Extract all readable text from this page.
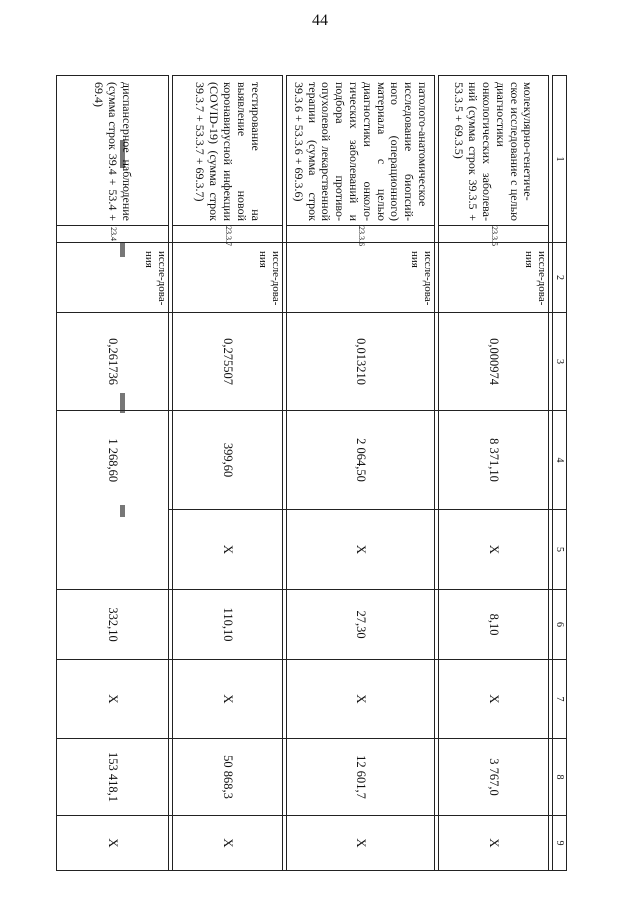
44
1		2	3	4	5	6	7	8	9

молекулярно-генетиче-ское исследование с целью диагностики онкологических заболева-ний (сумма строк 39.3.5 + 53.3.5 + 69.3.5)	23.3.5	иссле-дова-ния	0,000974	8 371,10	X	8,10	X	3 767,0	X

патолого-анатомическое исследование биопсий-ного (операционного) материала с целью диагностики онколо-гических заболеваний и подбора противо-опухолевой лекарственной терапии (сумма строк 39.3.6 + 53.3.6 + 69.3.6)	23.3.6	иссле-дова-ния	0,013210	2 064,50	X	27,30	X	12 601,7	X

тестирование на выявление новой коронавирусной инфекции (COVID-19) (сумма строк 39.3.7 + 53.3.7 + 69.3.7)	23.3.7	иссле-дова-ния	0,275507	399,60	X	110,10	X	50 868,3	X

диспансерное наблюдение (сумма строк 39.4 + 53.4 + 69.4)	23.4	иссле-дова-ния	0,261736	1 268,60		332,10	X	153 418,1	X
